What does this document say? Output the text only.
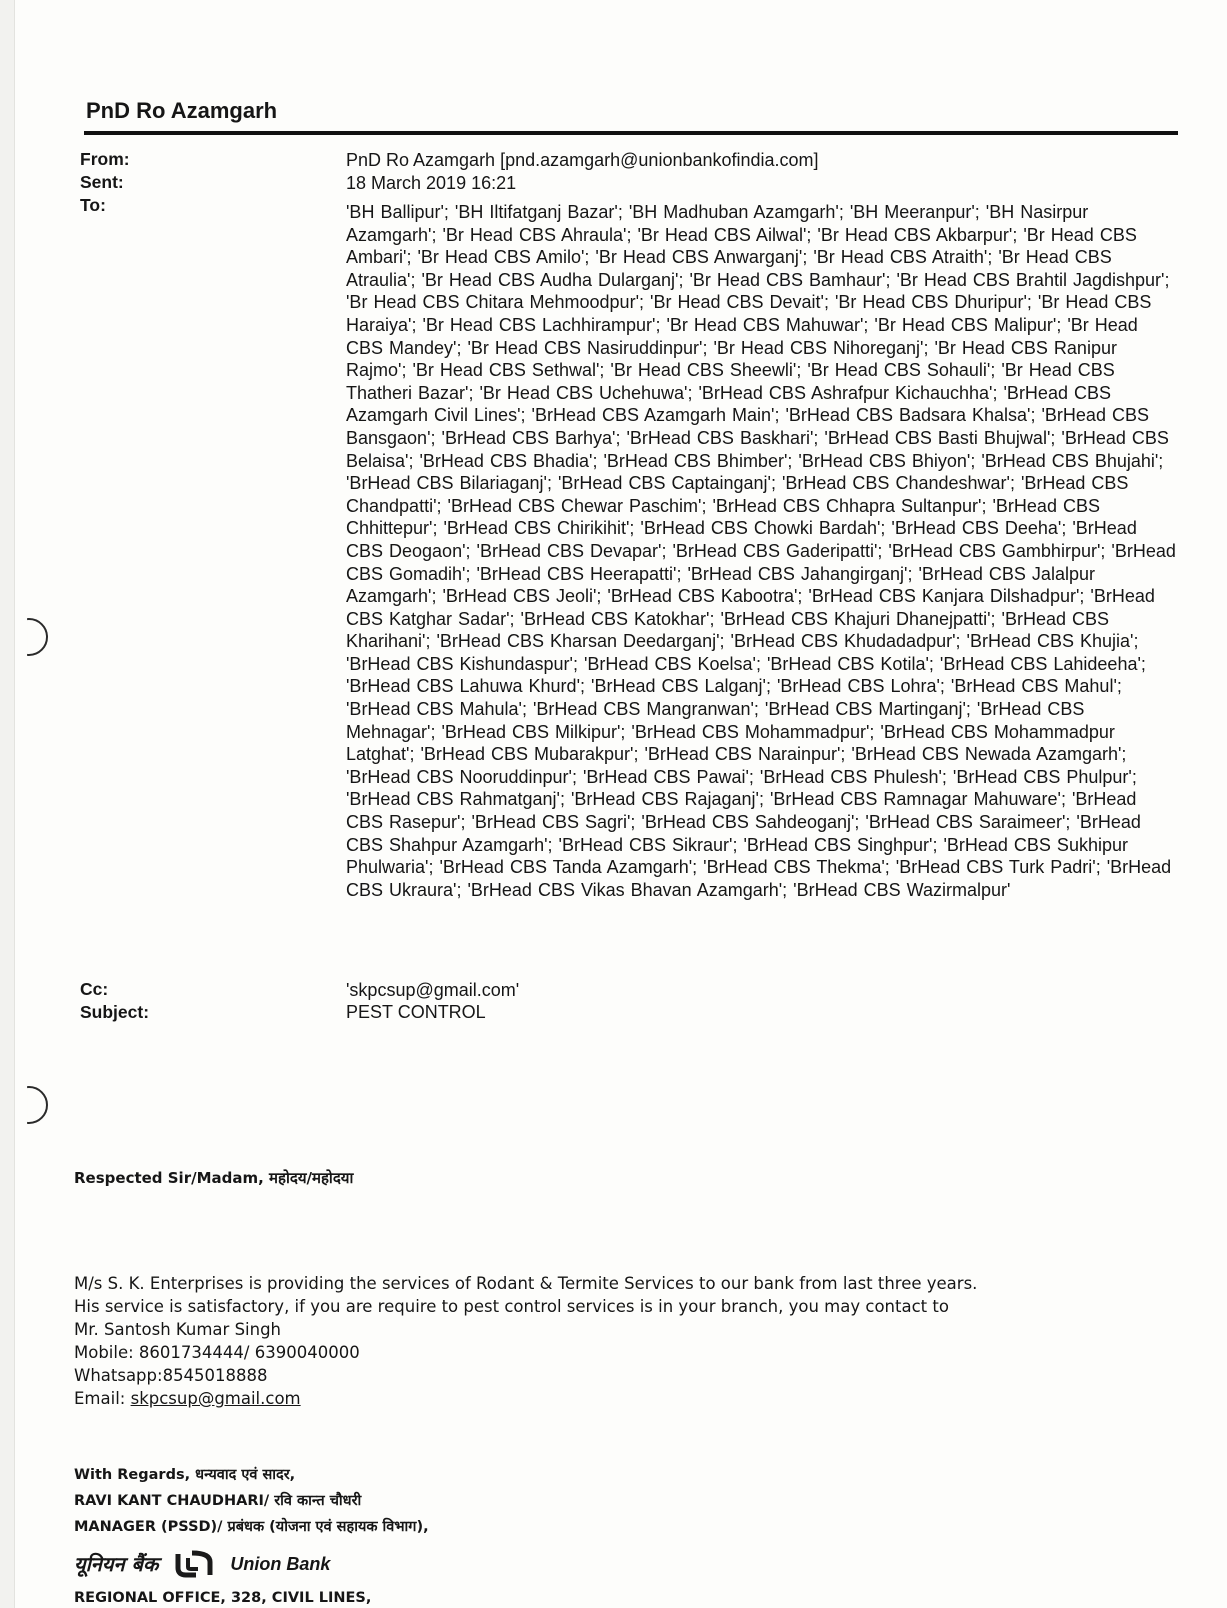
PnD Ro Azamgarh
From:	PnD Ro Azamgarh [pnd.azamgarh@unionbankofindia.com]
Sent:	18 March 2019 16:21
To:	'BH Ballipur'; 'BH Iltifatganj Bazar'; 'BH Madhuban Azamgarh'; 'BH Meeranpur'; 'BH Nasirpur Azamgarh'; 'Br Head CBS Ahraula'; 'Br Head CBS Ailwal'; 'Br Head CBS Akbarpur'; 'Br Head CBS Ambari'; 'Br Head CBS Amilo'; 'Br Head CBS Anwarganj'; 'Br Head CBS Atraith'; 'Br Head CBS Atraulia'; 'Br Head CBS Audha Dularganj'; 'Br Head CBS Bamhaur'; 'Br Head CBS Brahtil Jagdishpur'; 'Br Head CBS Chitara Mehmoodpur'; 'Br Head CBS Devait'; 'Br Head CBS Dhuripur'; 'Br Head CBS Haraiya'; 'Br Head CBS Lachhirampur'; 'Br Head CBS Mahuwar'; 'Br Head CBS Malipur'; 'Br Head CBS Mandey'; 'Br Head CBS Nasiruddinpur'; 'Br Head CBS Nihoreganj'; 'Br Head CBS Ranipur Rajmo'; 'Br Head CBS Sethwal'; 'Br Head CBS Sheewli'; 'Br Head CBS Sohauli'; 'Br Head CBS Thatheri Bazar'; 'Br Head CBS Uchehuwa'; 'BrHead CBS Ashrafpur Kichauchha'; 'BrHead CBS Azamgarh Civil Lines'; 'BrHead CBS Azamgarh Main'; 'BrHead CBS Badsara Khalsa'; 'BrHead CBS Bansgaon'; 'BrHead CBS Barhya'; 'BrHead CBS Baskhari'; 'BrHead CBS Basti Bhujwal'; 'BrHead CBS Belaisa'; 'BrHead CBS Bhadia'; 'BrHead CBS Bhimber'; 'BrHead CBS Bhiyon'; 'BrHead CBS Bhujahi'; 'BrHead CBS Bilariaganj'; 'BrHead CBS Captainganj'; 'BrHead CBS Chandeshwar'; 'BrHead CBS Chandpatti'; 'BrHead CBS Chewar Paschim'; 'BrHead CBS Chhapra Sultanpur'; 'BrHead CBS Chhittepur'; 'BrHead CBS Chirikihit'; 'BrHead CBS Chowki Bardah'; 'BrHead CBS Deeha'; 'BrHead CBS Deogaon'; 'BrHead CBS Devapar'; 'BrHead CBS Gaderipatti'; 'BrHead CBS Gambhirpur'; 'BrHead CBS Gomadih'; 'BrHead CBS Heerapatti'; 'BrHead CBS Jahangirganj'; 'BrHead CBS Jalalpur Azamgarh'; 'BrHead CBS Jeoli'; 'BrHead CBS Kabootra'; 'BrHead CBS Kanjara Dilshadpur'; 'BrHead CBS Katghar Sadar'; 'BrHead CBS Katokhar'; 'BrHead CBS Khajuri Dhanejpatti'; 'BrHead CBS Kharihani'; 'BrHead CBS Kharsan Deedarganj'; 'BrHead CBS Khudadadpur'; 'BrHead CBS Khujia'; 'BrHead CBS Kishundaspur'; 'BrHead CBS Koelsa'; 'BrHead CBS Kotila'; 'BrHead CBS Lahideeha'; 'BrHead CBS Lahuwa Khurd'; 'BrHead CBS Lalganj'; 'BrHead CBS Lohra'; 'BrHead CBS Mahul'; 'BrHead CBS Mahula'; 'BrHead CBS Mangranwan'; 'BrHead CBS Martinganj'; 'BrHead CBS Mehnagar'; 'BrHead CBS Milkipur'; 'BrHead CBS Mohammadpur'; 'BrHead CBS Mohammadpur Latghat'; 'BrHead CBS Mubarakpur'; 'BrHead CBS Narainpur'; 'BrHead CBS Newada Azamgarh'; 'BrHead CBS Nooruddinpur'; 'BrHead CBS Pawai'; 'BrHead CBS Phulesh'; 'BrHead CBS Phulpur'; 'BrHead CBS Rahmatganj'; 'BrHead CBS Rajaganj'; 'BrHead CBS Ramnagar Mahuware'; 'BrHead CBS Rasepur'; 'BrHead CBS Sagri'; 'BrHead CBS Sahdeoganj'; 'BrHead CBS Saraimeer'; 'BrHead CBS Shahpur Azamgarh'; 'BrHead CBS Sikraur'; 'BrHead CBS Singhpur'; 'BrHead CBS Sukhipur Phulwaria'; 'BrHead CBS Tanda Azamgarh'; 'BrHead CBS Thekma'; 'BrHead CBS Turk Padri'; 'BrHead CBS Ukraura'; 'BrHead CBS Vikas Bhavan Azamgarh'; 'BrHead CBS Wazirmalpur'
Cc:	'skpcsup@gmail.com'
Subject:	PEST CONTROL
Respected Sir/Madam, महोदय/महोदया
M/s S. K. Enterprises is providing the services of Rodant & Termite Services to our bank from last three years.
His service is satisfactory, if you are require to pest control services is in your branch, you may contact to
Mr. Santosh Kumar Singh
Mobile: 8601734444/ 6390040000
Whatsapp:8545018888
Email: skpcsup@gmail.com
With Regards, धन्यवाद एवं सादर,
RAVI KANT CHAUDHARI/ रवि कान्त चौधरी
MANAGER (PSSD)/ प्रबंधक (योजना एवं सहायक विभाग),
यूनियन बैंक	Union Bank
REGIONAL OFFICE, 328, CIVIL LINES,
